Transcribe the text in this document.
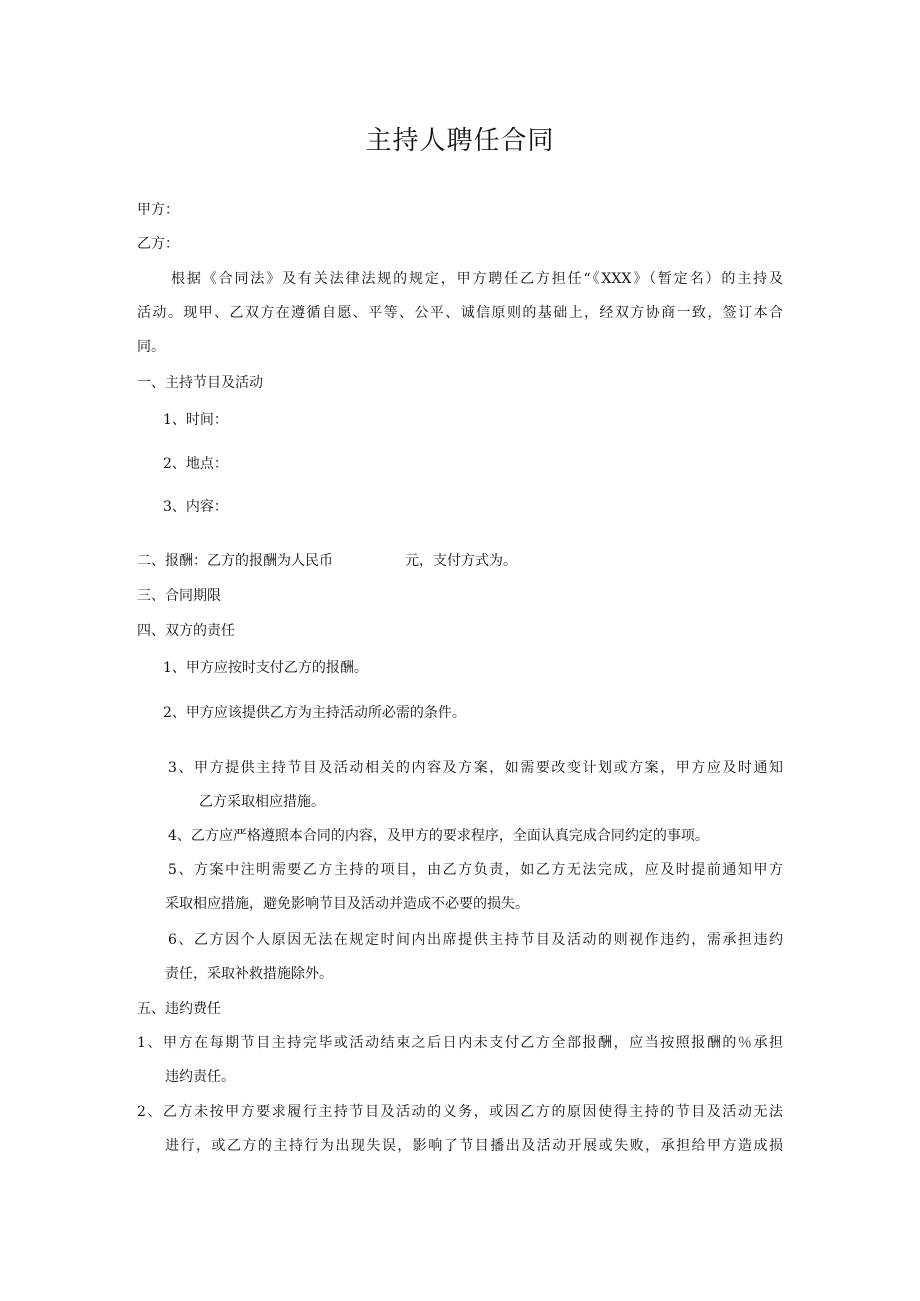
主持人聘任合同
甲方：
乙方：
根据《合同法》及有关法律法规的规定，甲方聘任乙方担任“《XXX》（暂定名）的主持及
活动。现甲、乙双方在遵循自愿、平等、公平、诚信原则的基础上，经双方协商一致，签订本合
同。
一、主持节目及活动
1、时间：
2、地点：
3、内容：
二、报酬：乙方的报酬为人民币	元，支付方式为。
三、合同期限
四、双方的责任
1、甲方应按时支付乙方的报酬。
2、甲方应该提供乙方为主持活动所必需的条件。
3、甲方提供主持节目及活动相关的内容及方案，如需要改变计划或方案，甲方应及时通知
乙方采取相应措施。
4、乙方应严格遵照本合同的内容，及甲方的要求程序，全面认真完成合同约定的事项。
5、方案中注明需要乙方主持的项目，由乙方负责，如乙方无法完成，应及时提前通知甲方
采取相应措施，避免影响节目及活动并造成不必要的损失。
6、乙方因个人原因无法在规定时间内出席提供主持节目及活动的则视作违约，需承担违约
责任，采取补救措施除外。
五、违约费任
1、甲方在每期节目主持完毕或活动结束之后日内未支付乙方全部报酬，应当按照报酬的％承担
违约责任。
2、乙方未按甲方要求履行主持节目及活动的义务，或因乙方的原因使得主持的节目及活动无法
进行，或乙方的主持行为出现失误，影响了节目播出及活动开展或失败，承担给甲方造成损
